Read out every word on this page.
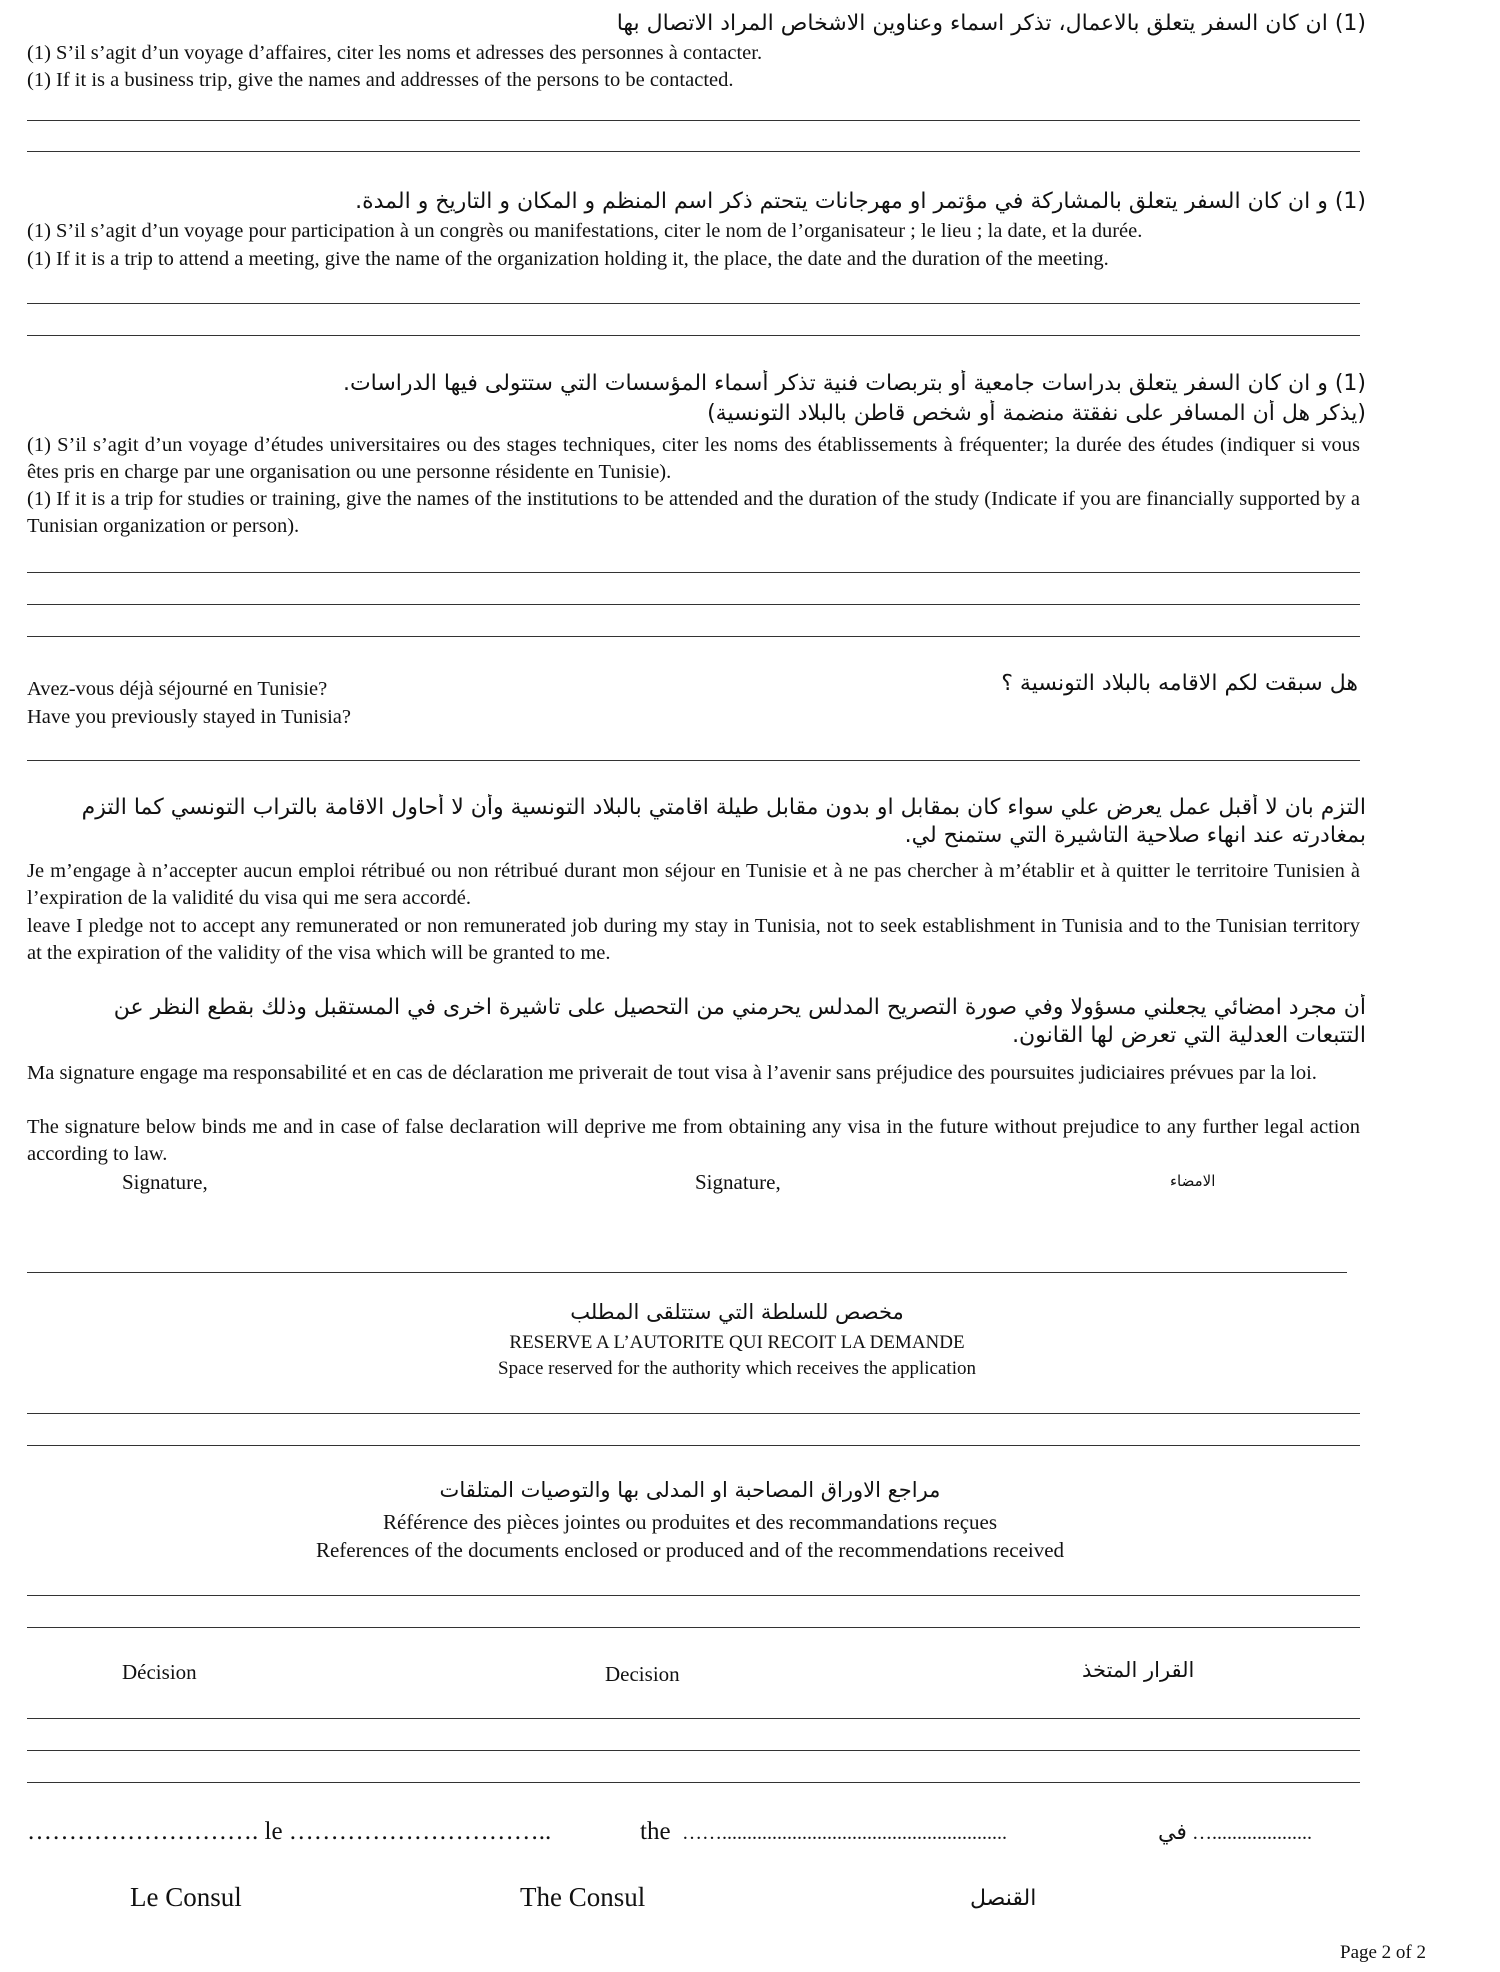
(1) ان كان السفر يتعلق بالاعمال، تذكر اسماء وعناوين الاشخاص المراد الاتصال بها
(1) S’il s’agit d’un voyage d’affaires, citer les noms et adresses des personnes à contacter.
(1) If it is a business trip, give the names and addresses of the persons to be contacted.
(1) و ان كان السفر يتعلق بالمشاركة في مؤتمر او مهرجانات يتحتم ذكر اسم المنظم و المكان و التاريخ و المدة.
(1) S’il s’agit d’un voyage pour participation à un congrès ou manifestations, citer le nom de l’organisateur ; le lieu ; la date, et la durée.
(1) If it is a trip to attend a meeting, give the name of the organization holding it, the place, the date and the duration of the meeting.
(1) و ان كان السفر يتعلق بدراسات جامعية أو بتربصات فنية تذكر أسماء المؤسسات التي ستتولى فيها الدراسات.
(يذكر هل أن المسافر على نفقتة منضمة أو شخص قاطن بالبلاد التونسية)
(1) S’il s’agit d’un voyage d’études universitaires ou des stages techniques, citer les noms des établissements à fréquenter; la durée des études (indiquer si vous êtes pris en charge par une organisation ou une personne résidente en Tunisie).
(1) If it is a trip for studies or training, give the names of the institutions to be attended and the duration of the study (Indicate if you are financially supported by a Tunisian organization or person).
هل سبقت لكم الاقامه بالبلاد التونسية ؟
Avez-vous déjà séjourné en Tunisie?
Have you previously stayed in Tunisia?
التزم بان لا أقبل عمل يعرض علي سواء كان بمقابل او بدون مقابل طيلة اقامتي بالبلاد التونسية وأن لا أحاول الاقامة بالتراب التونسي كما التزم بمغادرته عند انهاء صلاحية التاشيرة التي ستمنح لي.
Je m’engage à n’accepter aucun emploi rétribué ou non rétribué durant mon séjour en Tunisie et à ne pas chercher à m’établir et à quitter le territoire Tunisien à l’expiration de la validité du visa qui me sera accordé.
leave I pledge not to accept any remunerated or non remunerated job during my stay in Tunisia, not to seek establishment in Tunisia and to the Tunisian territory at the expiration of the validity of the visa which will be granted to me.
أن مجرد امضائي يجعلني مسؤولا وفي صورة التصريح المدلس يحرمني من التحصيل على تاشيرة اخرى في المستقبل وذلك بقطع النظر عن التتبعات العدلية التي تعرض لها القانون.
Ma signature engage ma responsabilité et en cas de déclaration me priverait de tout visa à l’avenir sans préjudice des poursuites judiciaires prévues par la loi.
The signature below binds me and in case of false declaration will deprive me from obtaining any visa in the future without prejudice to any further legal action according to law.
Signature,	Signature,	الامضاء
مخصص للسلطة التي ستتلقى المطلب
RESERVE A L’AUTORITE QUI RECOIT LA DEMANDE
Space reserved for the authority which receives the application
مراجع الاوراق المصاحبة او المدلى بها والتوصيات المتلقات
Référence des pièces jointes ou produites et des recommandations reçues
References of the documents enclosed or produced and of the recommendations received
Décision	Decision	القرار المتخذ
………………………. le …………………………..	the …….........................................................	في …....................
Le Consul	The Consul	القنصل
Page 2 of 2
